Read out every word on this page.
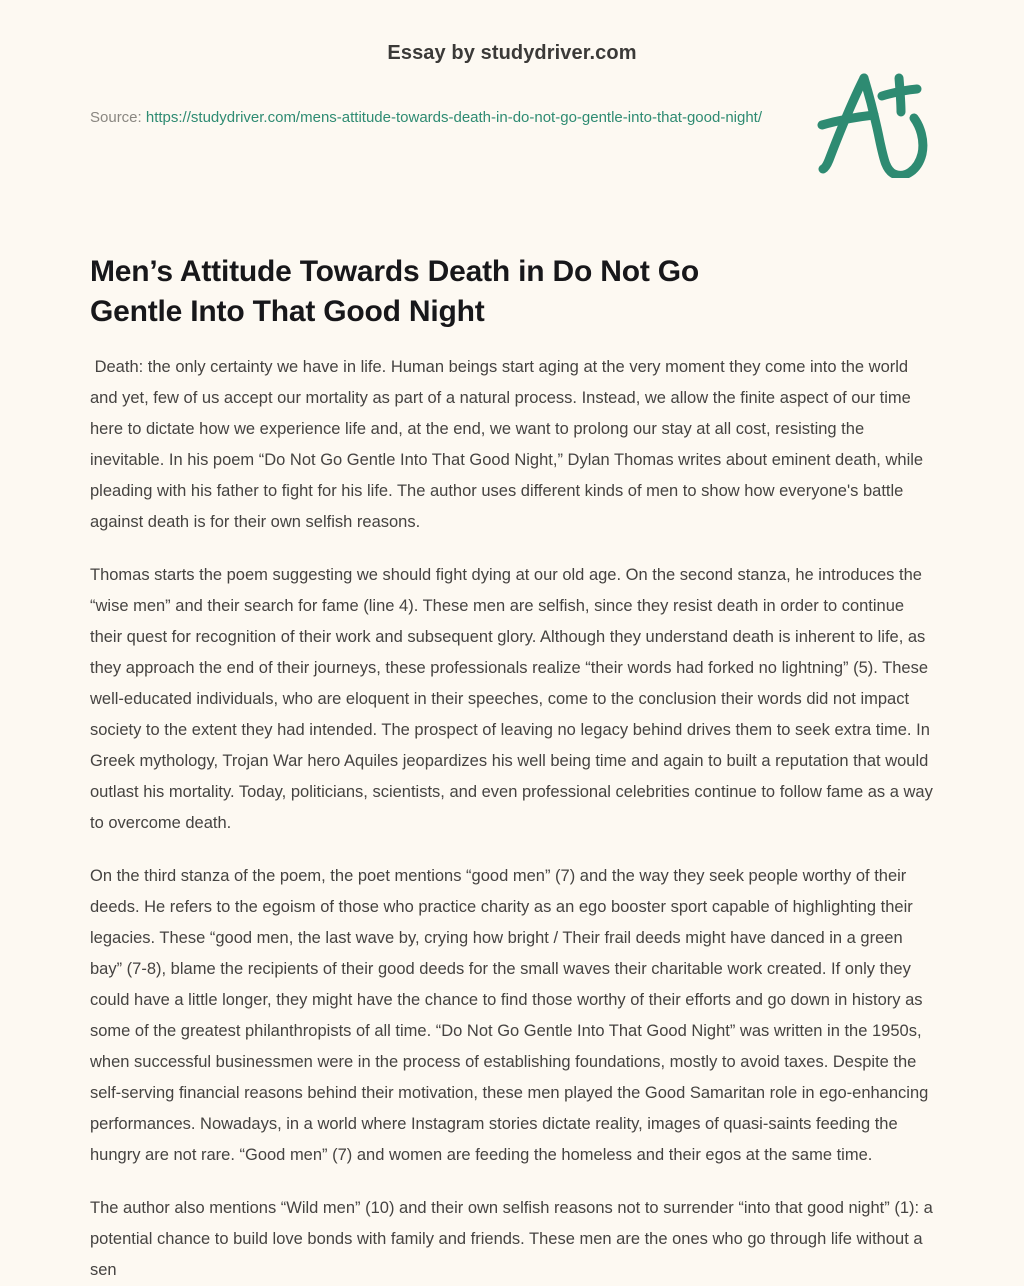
Essay by studydriver.com
Source: https://studydriver.com/mens-attitude-towards-death-in-do-not-go-gentle-into-that-good-night/
Men’s Attitude Towards Death in Do Not Go Gentle Into That Good Night

Death: the only certainty we have in life. Human beings start aging at the very moment they come into the world and yet, few of us accept our mortality as part of a natural process. Instead, we allow the finite aspect of our time here to dictate how we experience life and, at the end, we want to prolong our stay at all cost, resisting the inevitable. In his poem “Do Not Go Gentle Into That Good Night,” Dylan Thomas writes about eminent death, while pleading with his father to fight for his life. The author uses different kinds of men to show how everyone's battle against death is for their own selfish reasons.

Thomas starts the poem suggesting we should fight dying at our old age. On the second stanza, he introduces the “wise men” and their search for fame (line 4). These men are selfish, since they resist death in order to continue their quest for recognition of their work and subsequent glory. Although they understand death is inherent to life, as they approach the end of their journeys, these professionals realize “their words had forked no lightning” (5). These well-educated individuals, who are eloquent in their speeches, come to the conclusion their words did not impact society to the extent they had intended. The prospect of leaving no legacy behind drives them to seek extra time. In Greek mythology, Trojan War hero Aquiles jeopardizes his well being time and again to built a reputation that would outlast his mortality. Today, politicians, scientists, and even professional celebrities continue to follow fame as a way to overcome death.

On the third stanza of the poem, the poet mentions “good men” (7) and the way they seek people worthy of their deeds. He refers to the egoism of those who practice charity as an ego booster sport capable of highlighting their legacies. These “good men, the last wave by, crying how bright / Their frail deeds might have danced in a green bay” (7-8), blame the recipients of their good deeds for the small waves their charitable work created. If only they could have a little longer, they might have the chance to find those worthy of their efforts and go down in history as some of the greatest philanthropists of all time. “Do Not Go Gentle Into That Good Night” was written in the 1950s, when successful businessmen were in the process of establishing foundations, mostly to avoid taxes. Despite the self-serving financial reasons behind their motivation, these men played the Good Samaritan role in ego-enhancing performances. Nowadays, in a world where Instagram stories dictate reality, images of quasi-saints feeding the hungry are not rare. “Good men” (7) and women are feeding the homeless and their egos at the same time.

The author also mentions “Wild men” (10) and their own selfish reasons not to surrender “into that good night” (1): a potential chance to build love bonds with family and friends. These men are the ones who go through life without a sen
